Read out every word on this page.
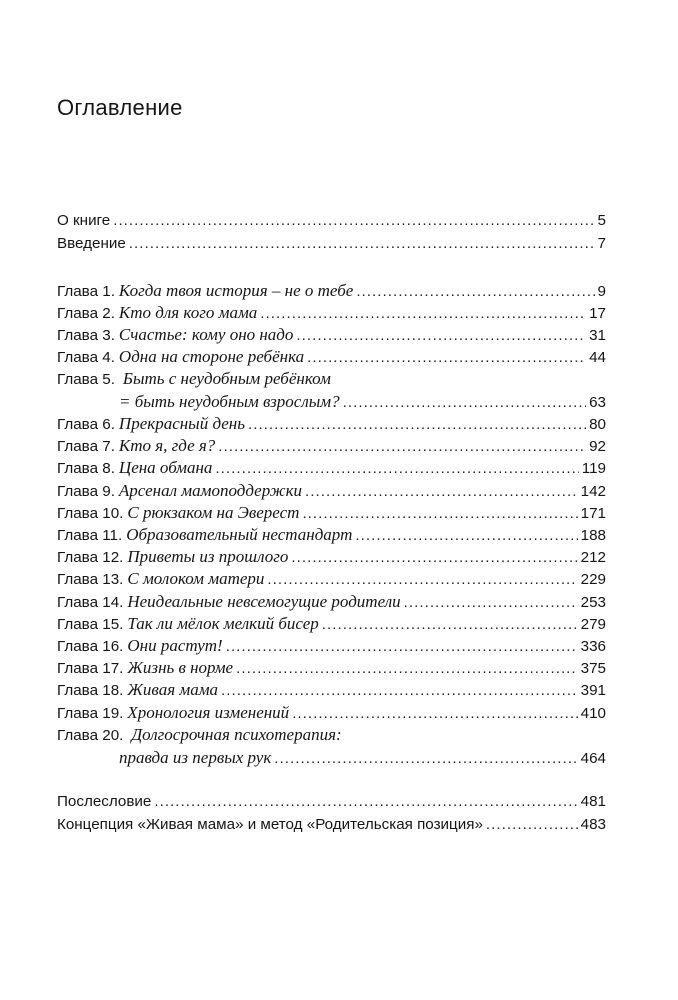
Оглавление
О книге . . .	5
Введение . . .	7
Глава 1. Когда твоя история – не о тебе . . .	9
Глава 2. Кто для кого мама . . .	17
Глава 3. Счастье: кому оно надо . . .	31
Глава 4. Одна на стороне ребёнка . . .	44
Глава 5. Быть с неудобным ребёнком
= быть неудобным взрослым? . . .	63
Глава 6. Прекрасный день . . .	80
Глава 7. Кто я, где я? . . .	92
Глава 8. Цена обмана . . .	119
Глава 9. Арсенал мамоподдержки . . .	142
Глава 10. С рюкзаком на Эверест . . .	171
Глава 11. Образовательный нестандарт . . .	188
Глава 12. Приветы из прошлого . . .	212
Глава 13. С молоком матери . . .	229
Глава 14. Неидеальные невсемогущие родители . . .	253
Глава 15. Так ли мёлок мелкий бисер . . .	279
Глава 16. Они растут! . . .	336
Глава 17. Жизнь в норме . . .	375
Глава 18. Живая мама . . .	391
Глава 19. Хронология изменений . . .	410
Глава 20. Долгосрочная психотерапия:
правда из первых рук . . .	464
Послесловие . . .	481
Концепция «Живая мама» и метод «Родительская позиция» . . .	483
